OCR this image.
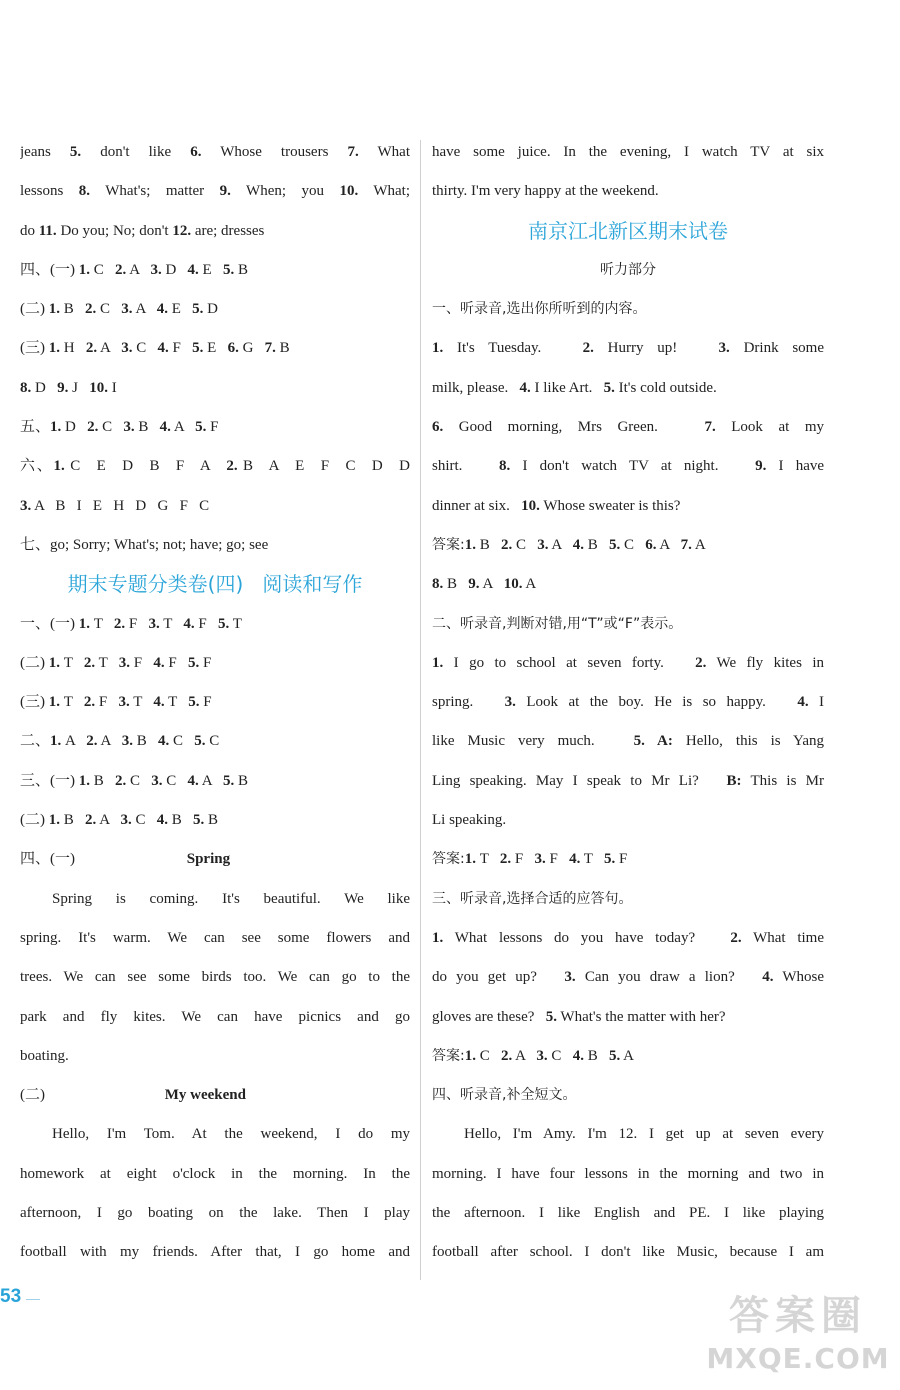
jeans 5. don't like 6. Whose trousers 7. What
lessons 8. What's; matter 9. When; you 10. What;
do 11. Do you; No; don't 12. are; dresses
四、(一) 1. C   2. A   3. D   4. E   5. B
(二) 1. B   2. C   3. A   4. E   5. D
(三) 1. H   2. A   3. C   4. F   5. E   6. G   7. B
8. D   9. J   10. I
五、1. D   2. C   3. B   4. A   5. F
六、1. C   E   D   B   F   A   2. B   A   E   F   C   D   D
3. A   B   I   E   H   D   G   F   C
七、go; Sorry; What's; not; have; go; see
期末专题分类卷(四)   阅读和写作
一、(一) 1. T   2. F   3. T   4. F   5. T
(二) 1. T   2. T   3. F   4. F   5. F
(三) 1. T   2. F   3. T   4. T   5. F
二、1. A   2. A   3. B   4. C   5. C
三、(一) 1. B   2. C   3. C   4. A   5. B
(二) 1. B   2. A   3. C   4. B   5. B
四、(一)	Spring
Spring is coming. It's beautiful. We like
spring. It's warm. We can see some flowers and
trees. We can see some birds too. We can go to the
park and fly kites. We can have picnics and go
boating.
(二)	My weekend
Hello, I'm Tom. At the weekend, I do my
homework at eight o'clock in the morning. In the
afternoon, I go boating on the lake. Then I play
football with my friends. After that, I go home and
have some juice. In the evening, I watch TV at six
thirty. I'm very happy at the weekend.
南京江北新区期末试卷
听力部分
一、听录音,选出你所听到的内容。
1. It's Tuesday.   2. Hurry up!   3. Drink some
milk, please.   4. I like Art.   5. It's cold outside.
6. Good morning, Mrs Green.   7. Look at my
shirt.   8. I don't watch TV at night.   9. I have
dinner at six.   10. Whose sweater is this?
答案:1. B   2. C   3. A   4. B   5. C   6. A   7. A
8. B   9. A   10. A
二、听录音,判断对错,用“T”或“F”表示。
1. I go to school at seven forty.   2. We fly kites in
spring.   3. Look at the boy. He is so happy.   4. I
like Music very much.   5. A: Hello, this is Yang
Ling speaking. May I speak to Mr Li?   B: This is Mr
Li speaking.
答案:1. T   2. F   3. F   4. T   5. F
三、听录音,选择合适的应答句。
1. What lessons do you have today?   2. What time
do you get up?   3. Can you draw a lion?   4. Whose
gloves are these?   5. What's the matter with her?
答案:1. C   2. A   3. C   4. B   5. A
四、听录音,补全短文。
Hello, I'm Amy. I'm 12. I get up at seven every
morning. I have four lessons in the morning and two in
the afternoon. I like English and PE. I like playing
football after school. I don't like Music, because I am
53	答案圈
MXQE.COM
